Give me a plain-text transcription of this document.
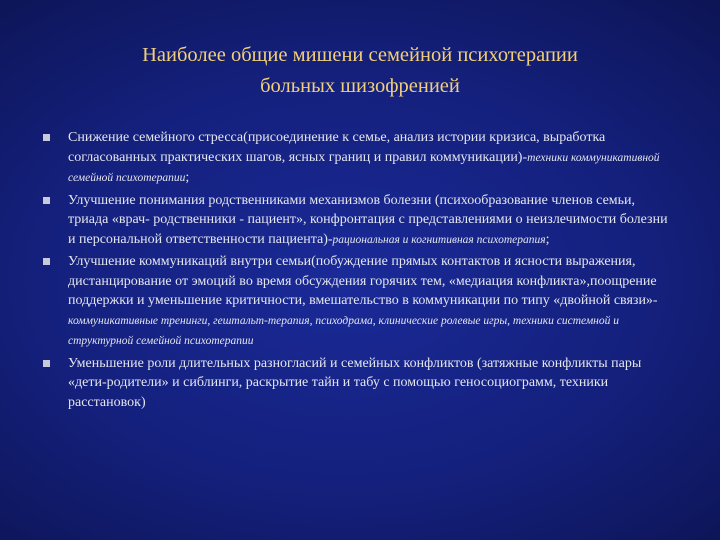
Наиболее общие мишени семейной психотерапии
больных шизофренией
Снижение семейного стресса(присоединение к семье, анализ истории кризиса, выработка согласованных практических шагов, ясных границ и правил коммуникации)-техники коммуникативной семейной психотерапии;
Улучшение понимания родственниками механизмов болезни (психообразование членов семьи, триада «врач- родственники - пациент», конфронтация с представлениями о неизлечимости болезни и персональной ответственности пациента)-рациональная и когнитивная психотерапия;
Улучшение коммуникаций внутри семьи(побуждение прямых контактов и ясности выражения, дистанцирование от эмоций во время обсуждения горячих тем, «медиация конфликта»,поощрение поддержки и уменьшение критичности, вмешательство в коммуникации по типу «двойной связи»- коммуникативные тренинги, гештальт-терапия, психодрама, клинические ролевые игры, техники системной и структурной семейной психотерапии
Уменьшение роли длительных разногласий и семейных конфликтов (затяжные конфликты пары «дети-родители» и сиблинги, раскрытие тайн и табу с помощью геносоциограмм, техники расстановок)
